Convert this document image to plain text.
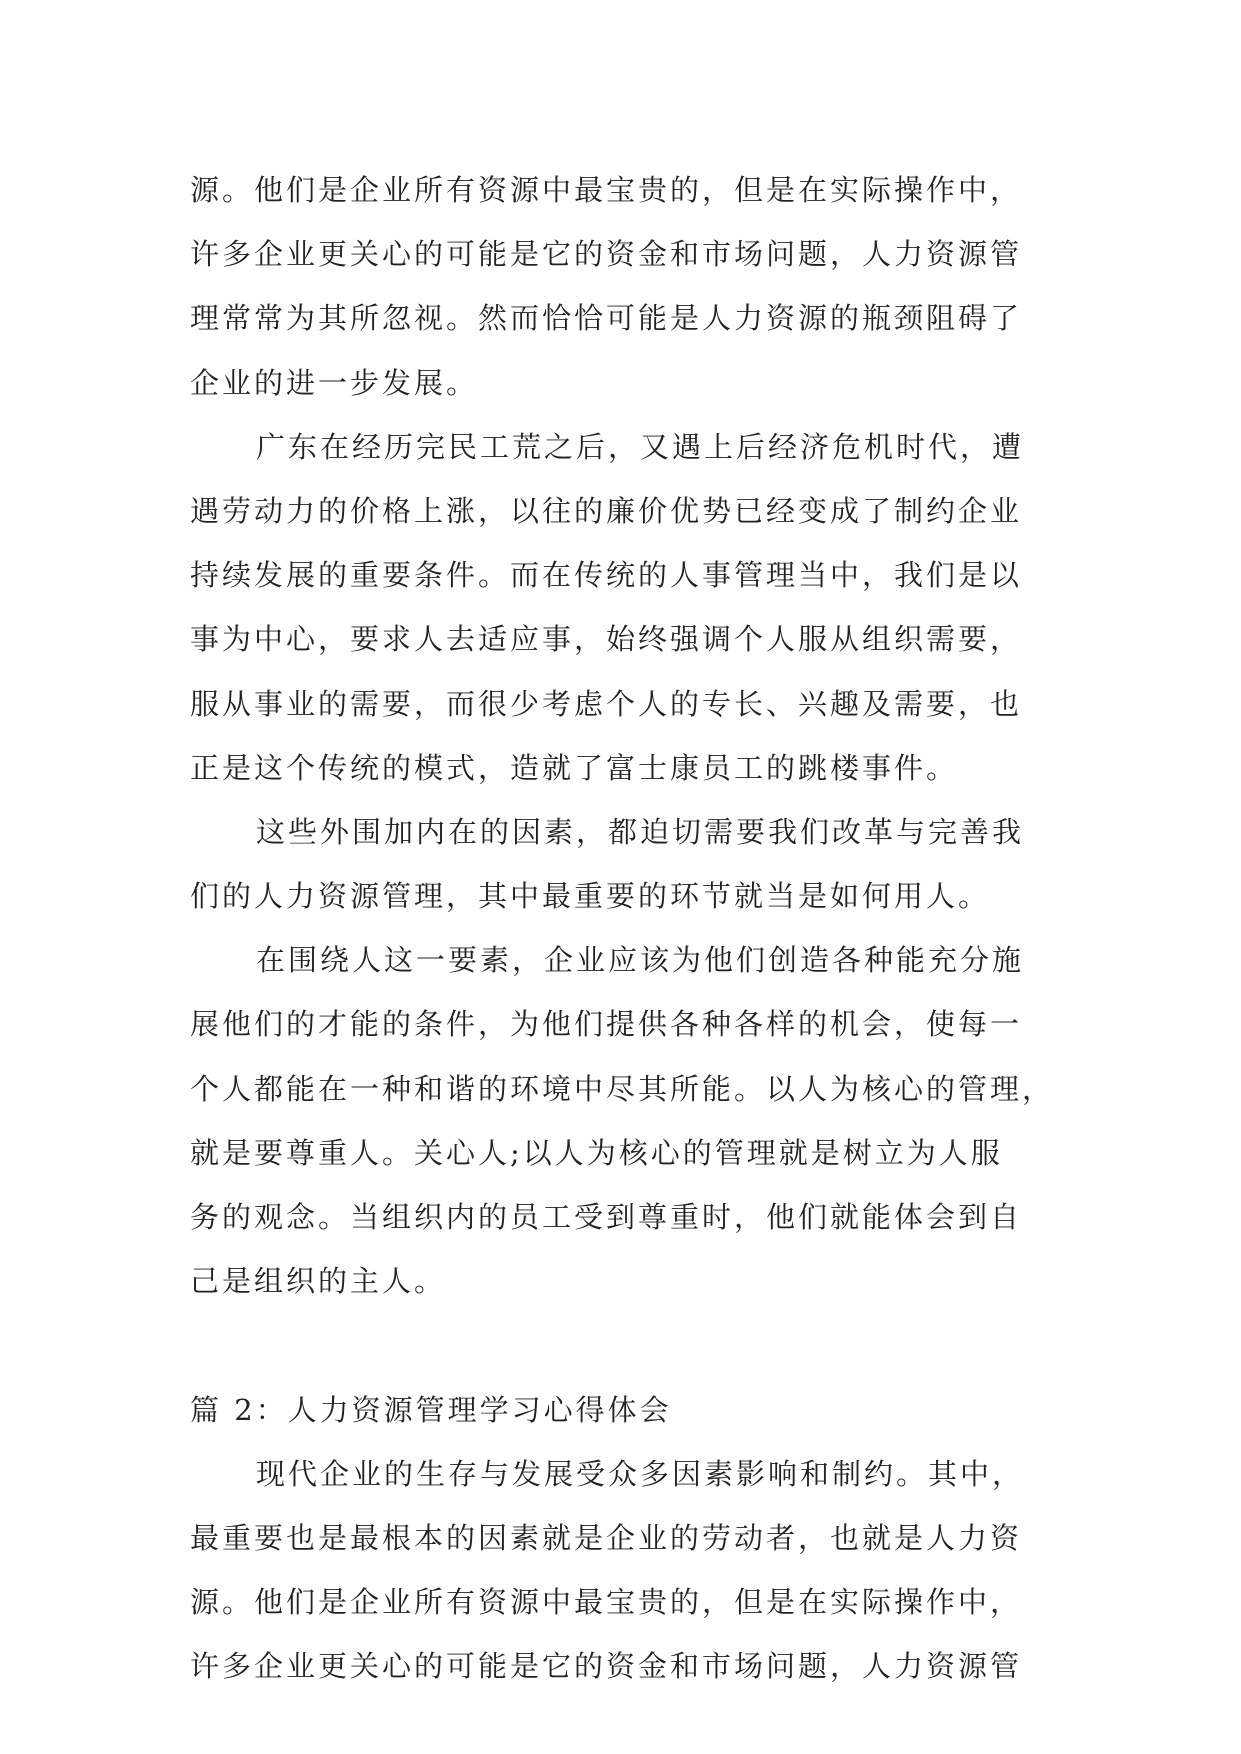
源。他们是企业所有资源中最宝贵的，但是在实际操作中，
许多企业更关心的可能是它的资金和市场问题，人力资源管
理常常为其所忽视。然而恰恰可能是人力资源的瓶颈阻碍了
企业的进一步发展。
广东在经历完民工荒之后，又遇上后经济危机时代，遭
遇劳动力的价格上涨，以往的廉价优势已经变成了制约企业
持续发展的重要条件。而在传统的人事管理当中，我们是以
事为中心，要求人去适应事，始终强调个人服从组织需要，
服从事业的需要，而很少考虑个人的专长、兴趣及需要，也
正是这个传统的模式，造就了富士康员工的跳楼事件。
这些外围加内在的因素，都迫切需要我们改革与完善我
们的人力资源管理，其中最重要的环节就当是如何用人。
在围绕人这一要素，企业应该为他们创造各种能充分施
展他们的才能的条件，为他们提供各种各样的机会，使每一
个人都能在一种和谐的环境中尽其所能。以人为核心的管理，
就是要尊重人。关心人;以人为核心的管理就是树立为人服
务的观念。当组织内的员工受到尊重时，他们就能体会到自
己是组织的主人。
篇 2：人力资源管理学习心得体会
现代企业的生存与发展受众多因素影响和制约。其中，
最重要也是最根本的因素就是企业的劳动者，也就是人力资
源。他们是企业所有资源中最宝贵的，但是在实际操作中，
许多企业更关心的可能是它的资金和市场问题，人力资源管
